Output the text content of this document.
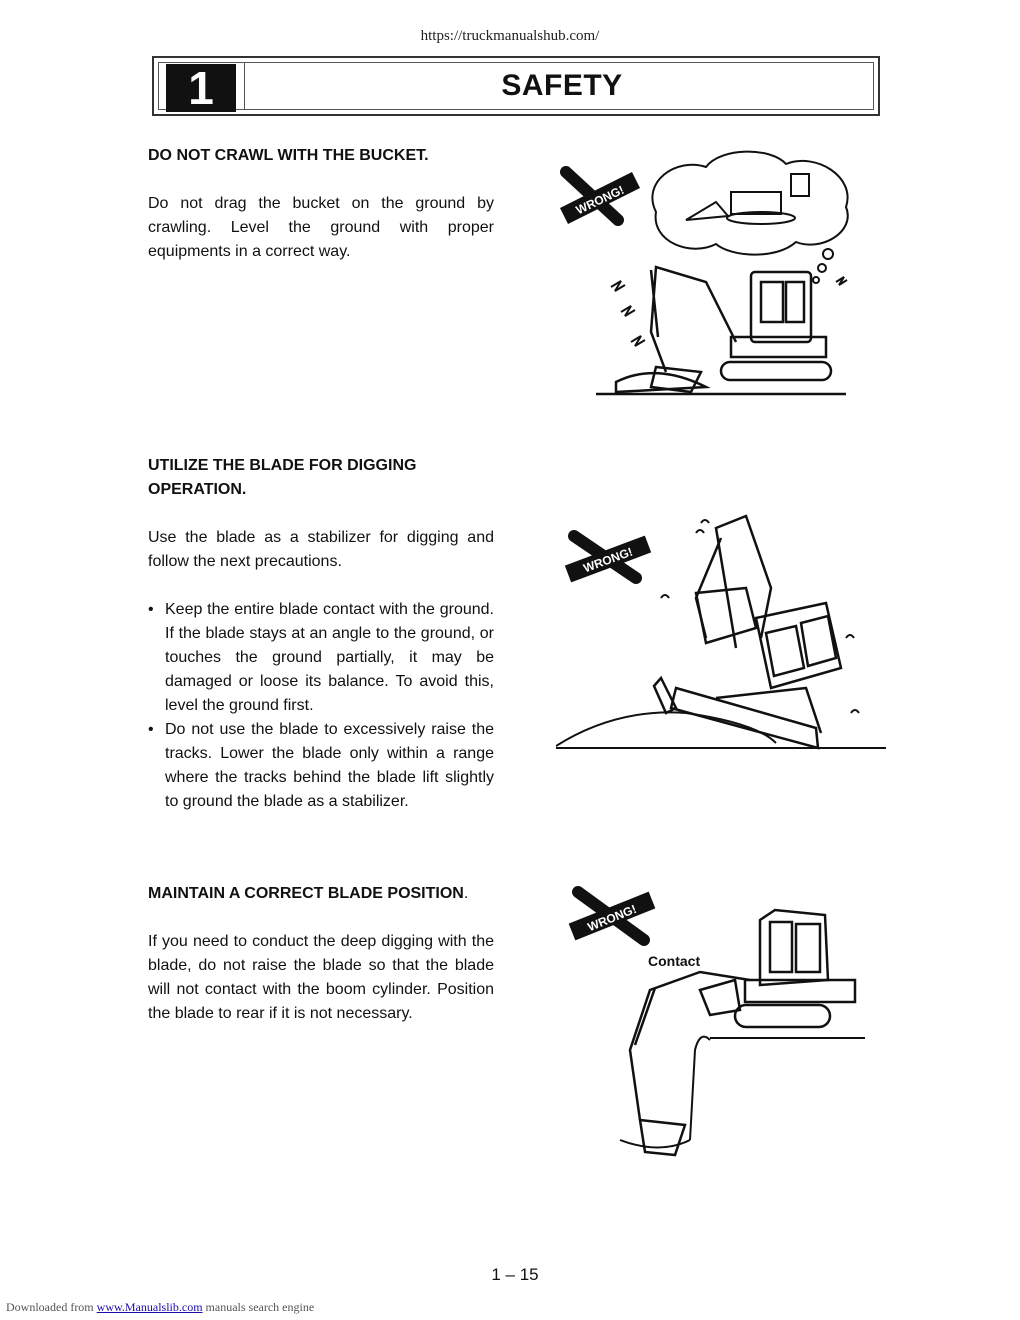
https://truckmanualshub.com/
1	SAFETY
DO NOT CRAWL WITH THE BUCKET.

Do not drag the bucket on the ground by crawling. Level the ground with proper equipments in a correct way.

WRONG!
UTILIZE THE BLADE FOR DIGGING OPERATION.

Use the blade as a stabilizer for digging and follow the next precautions.

• Keep the entire blade contact with the ground. If the blade stays at an angle to the ground, or touches the ground partially, it may be damaged or loose its balance. To avoid this, level the ground first.
• Do not use the blade to excessively raise the tracks. Lower the blade only within a range where the tracks behind the blade lift slightly to ground the blade as a stabilizer.
WRONG!
MAINTAIN A CORRECT BLADE POSITION.

If you need to conduct the deep digging with the blade, do not raise the blade so that the blade will not contact with the boom cylinder. Position the blade to rear if it is not necessary.

WRONG!
Contact
1 – 15
Downloaded from www.Manualslib.com manuals search engine
